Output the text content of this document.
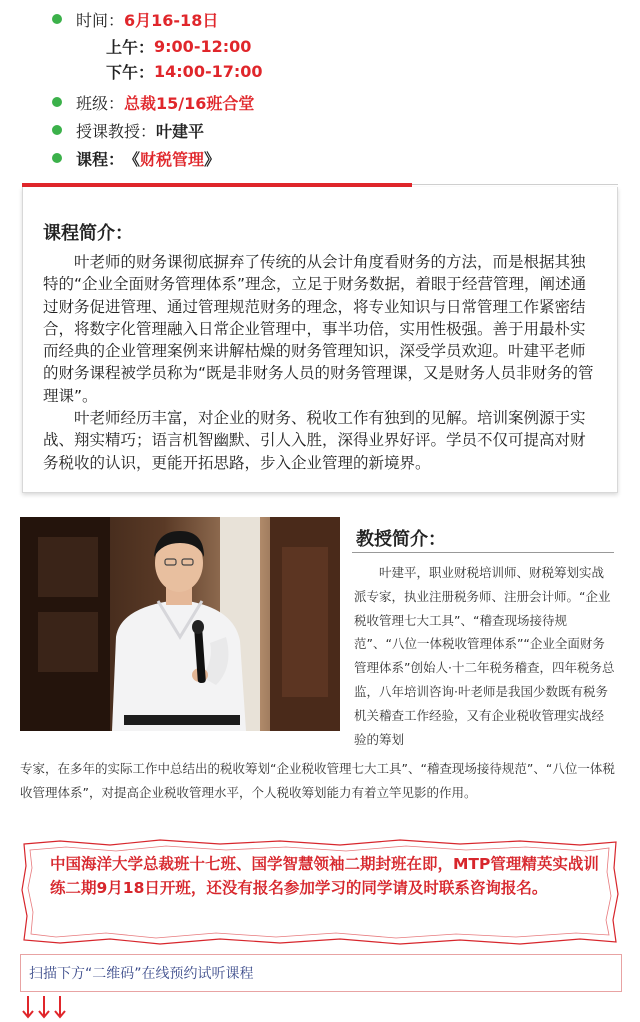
时间： 6月16-18日
上午： 9:00-12:00
下午： 14:00-17:00
班级： 总裁15/16班合堂
授课教授： 叶建平
课程： 《 财税管理 》
课程简介：

叶老师的财务课彻底摒弃了传统的从会计角度看财务的方法，而是根据其独特的“企业全面财务管理体系”理念，立足于财务数据，着眼于经营管理，阐述通过财务促进管理、通过管理规范财务的理念，将专业知识与日常管理工作紧密结合，将数字化管理融入日常企业管理中，事半功倍，实用性极强。善于用最朴实而经典的企业管理案例来讲解枯燥的财务管理知识，深受学员欢迎。叶建平老师的财务课程被学员称为“既是非财务人员的财务管理课，又是财务人员非财务的管理课”。

叶老师经历丰富，对企业的财务、税收工作有独到的见解。培训案例源于实战、翔实精巧；语言机智幽默、引人入胜，深得业界好评。学员不仅可提高对财务税收的认识，更能开拓思路，步入企业管理的新境界。

教授简介：
叶建平，职业财税培训师、财税筹划实战派专家，执业注册税务师、注册会计师。“企业税收管理七大工具”、“稽查现场接待规范”、“八位一体税收管理体系”“企业全面财务管理体系”创始人·十二年税务稽查，四年税务总监，八年培训咨询·叶老师是我国少数既有税务机关稽查工作经验，又有企业税收管理实战经验的筹划
专家，在多年的实际工作中总结出的税收筹划“企业税收管理七大工具”、“稽查现场接待规范”、“八位一体税收管理体系”，对提高企业税收管理水平，个人税收筹划能力有着立竿见影的作用。
中国海洋大学总裁班十七班、国学智慧领袖二期封班在即，MTP管理精英实战训练二期9月18日开班，还没有报名参加学习的同学请及时联系咨询报名。
扫描下方“二维码”在线预约试听课程
